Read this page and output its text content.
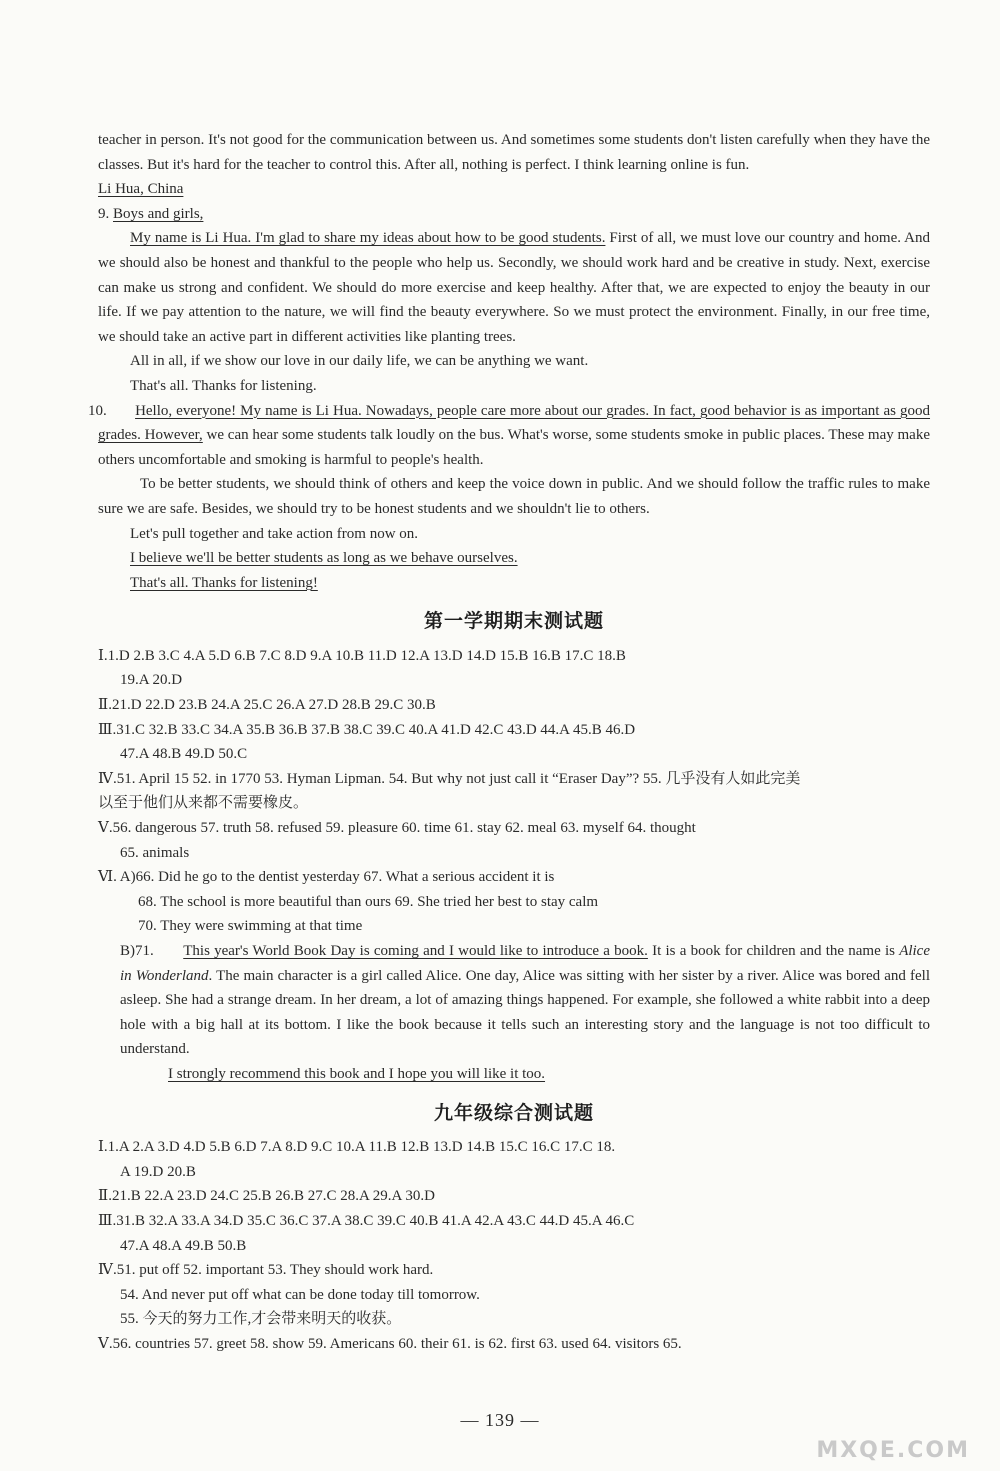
teacher in person. It's not good for the communication between us. And sometimes some students don't listen carefully when they have the classes. But it's hard for the teacher to control this. After all, nothing is perfect. I think learning online is fun.

Li Hua, China

9. Boys and girls,

My name is Li Hua. I'm glad to share my ideas about how to be good students. First of all, we must love our country and home. And we should also be honest and thankful to the people who help us. Secondly, we should work hard and be creative in study. Next, exercise can make us strong and confident. We should do more exercise and keep healthy. After that, we are expected to enjoy the beauty in our life. If we pay attention to the nature, we will find the beauty everywhere. So we must protect the environment. Finally, in our free time, we should take an active part in different activities like planting trees.

All in all, if we show our love in our daily life, we can be anything we want.

That's all. Thanks for listening.

10. Hello, everyone! My name is Li Hua. Nowadays, people care more about our grades. In fact, good behavior is as important as good grades. However, we can hear some students talk loudly on the bus. What's worse, some students smoke in public places. These may make others uncomfortable and smoking is harmful to people's health.

To be better students, we should think of others and keep the voice down in public. And we should follow the traffic rules to make sure we are safe. Besides, we should try to be honest students and we shouldn't lie to others.

Let's pull together and take action from now on.

I believe we'll be better students as long as we behave ourselves.

That's all. Thanks for listening!

第一学期期末测试题

Ⅰ.1.D 2.B 3.C 4.A 5.D 6.B 7.C 8.D 9.A 10.B 11.D 12.A 13.D 14.D 15.B 16.B 17.C 18.B

19.A 20.D

Ⅱ.21.D 22.D 23.B 24.A 25.C 26.A 27.D 28.B 29.C 30.B

Ⅲ.31.C 32.B 33.C 34.A 35.B 36.B 37.B 38.C 39.C 40.A 41.D 42.C 43.D 44.A 45.B 46.D

47.A 48.B 49.D 50.C

Ⅳ.51. April 15 52. in 1770 53. Hyman Lipman. 54. But why not just call it “Eraser Day”? 55. 几乎没有人如此完美

以至于他们从来都不需要橡皮。

Ⅴ.56. dangerous 57. truth 58. refused 59. pleasure 60. time 61. stay 62. meal 63. myself 64. thought

65. animals

Ⅵ. A)66. Did he go to the dentist yesterday 67. What a serious accident it is

68. The school is more beautiful than ours 69. She tried her best to stay calm

70. They were swimming at that time

B)71. This year's World Book Day is coming and I would like to introduce a book. It is a book for children and the name is Alice in Wonderland. The main character is a girl called Alice. One day, Alice was sitting with her sister by a river. Alice was bored and fell asleep. She had a strange dream. In her dream, a lot of amazing things happened. For example, she followed a white rabbit into a deep hole with a big hall at its bottom. I like the book because it tells such an interesting story and the language is not too difficult to understand.

I strongly recommend this book and I hope you will like it too.

九年级综合测试题

Ⅰ.1.A 2.A 3.D 4.D 5.B 6.D 7.A 8.D 9.C 10.A 11.B 12.B 13.D 14.B 15.C 16.C 17.C 18.

A 19.D 20.B

Ⅱ.21.B 22.A 23.D 24.C 25.B 26.B 27.C 28.A 29.A 30.D

Ⅲ.31.B 32.A 33.A 34.D 35.C 36.C 37.A 38.C 39.C 40.B 41.A 42.A 43.C 44.D 45.A 46.C

47.A 48.A 49.B 50.B

Ⅳ.51. put off 52. important 53. They should work hard.

54. And never put off what can be done today till tomorrow.

55. 今天的努力工作,才会带来明天的收获。

Ⅴ.56. countries 57. greet 58. show 59. Americans 60. their 61. is 62. first 63. used 64. visitors 65.

— 139 —
MXQE.COM
